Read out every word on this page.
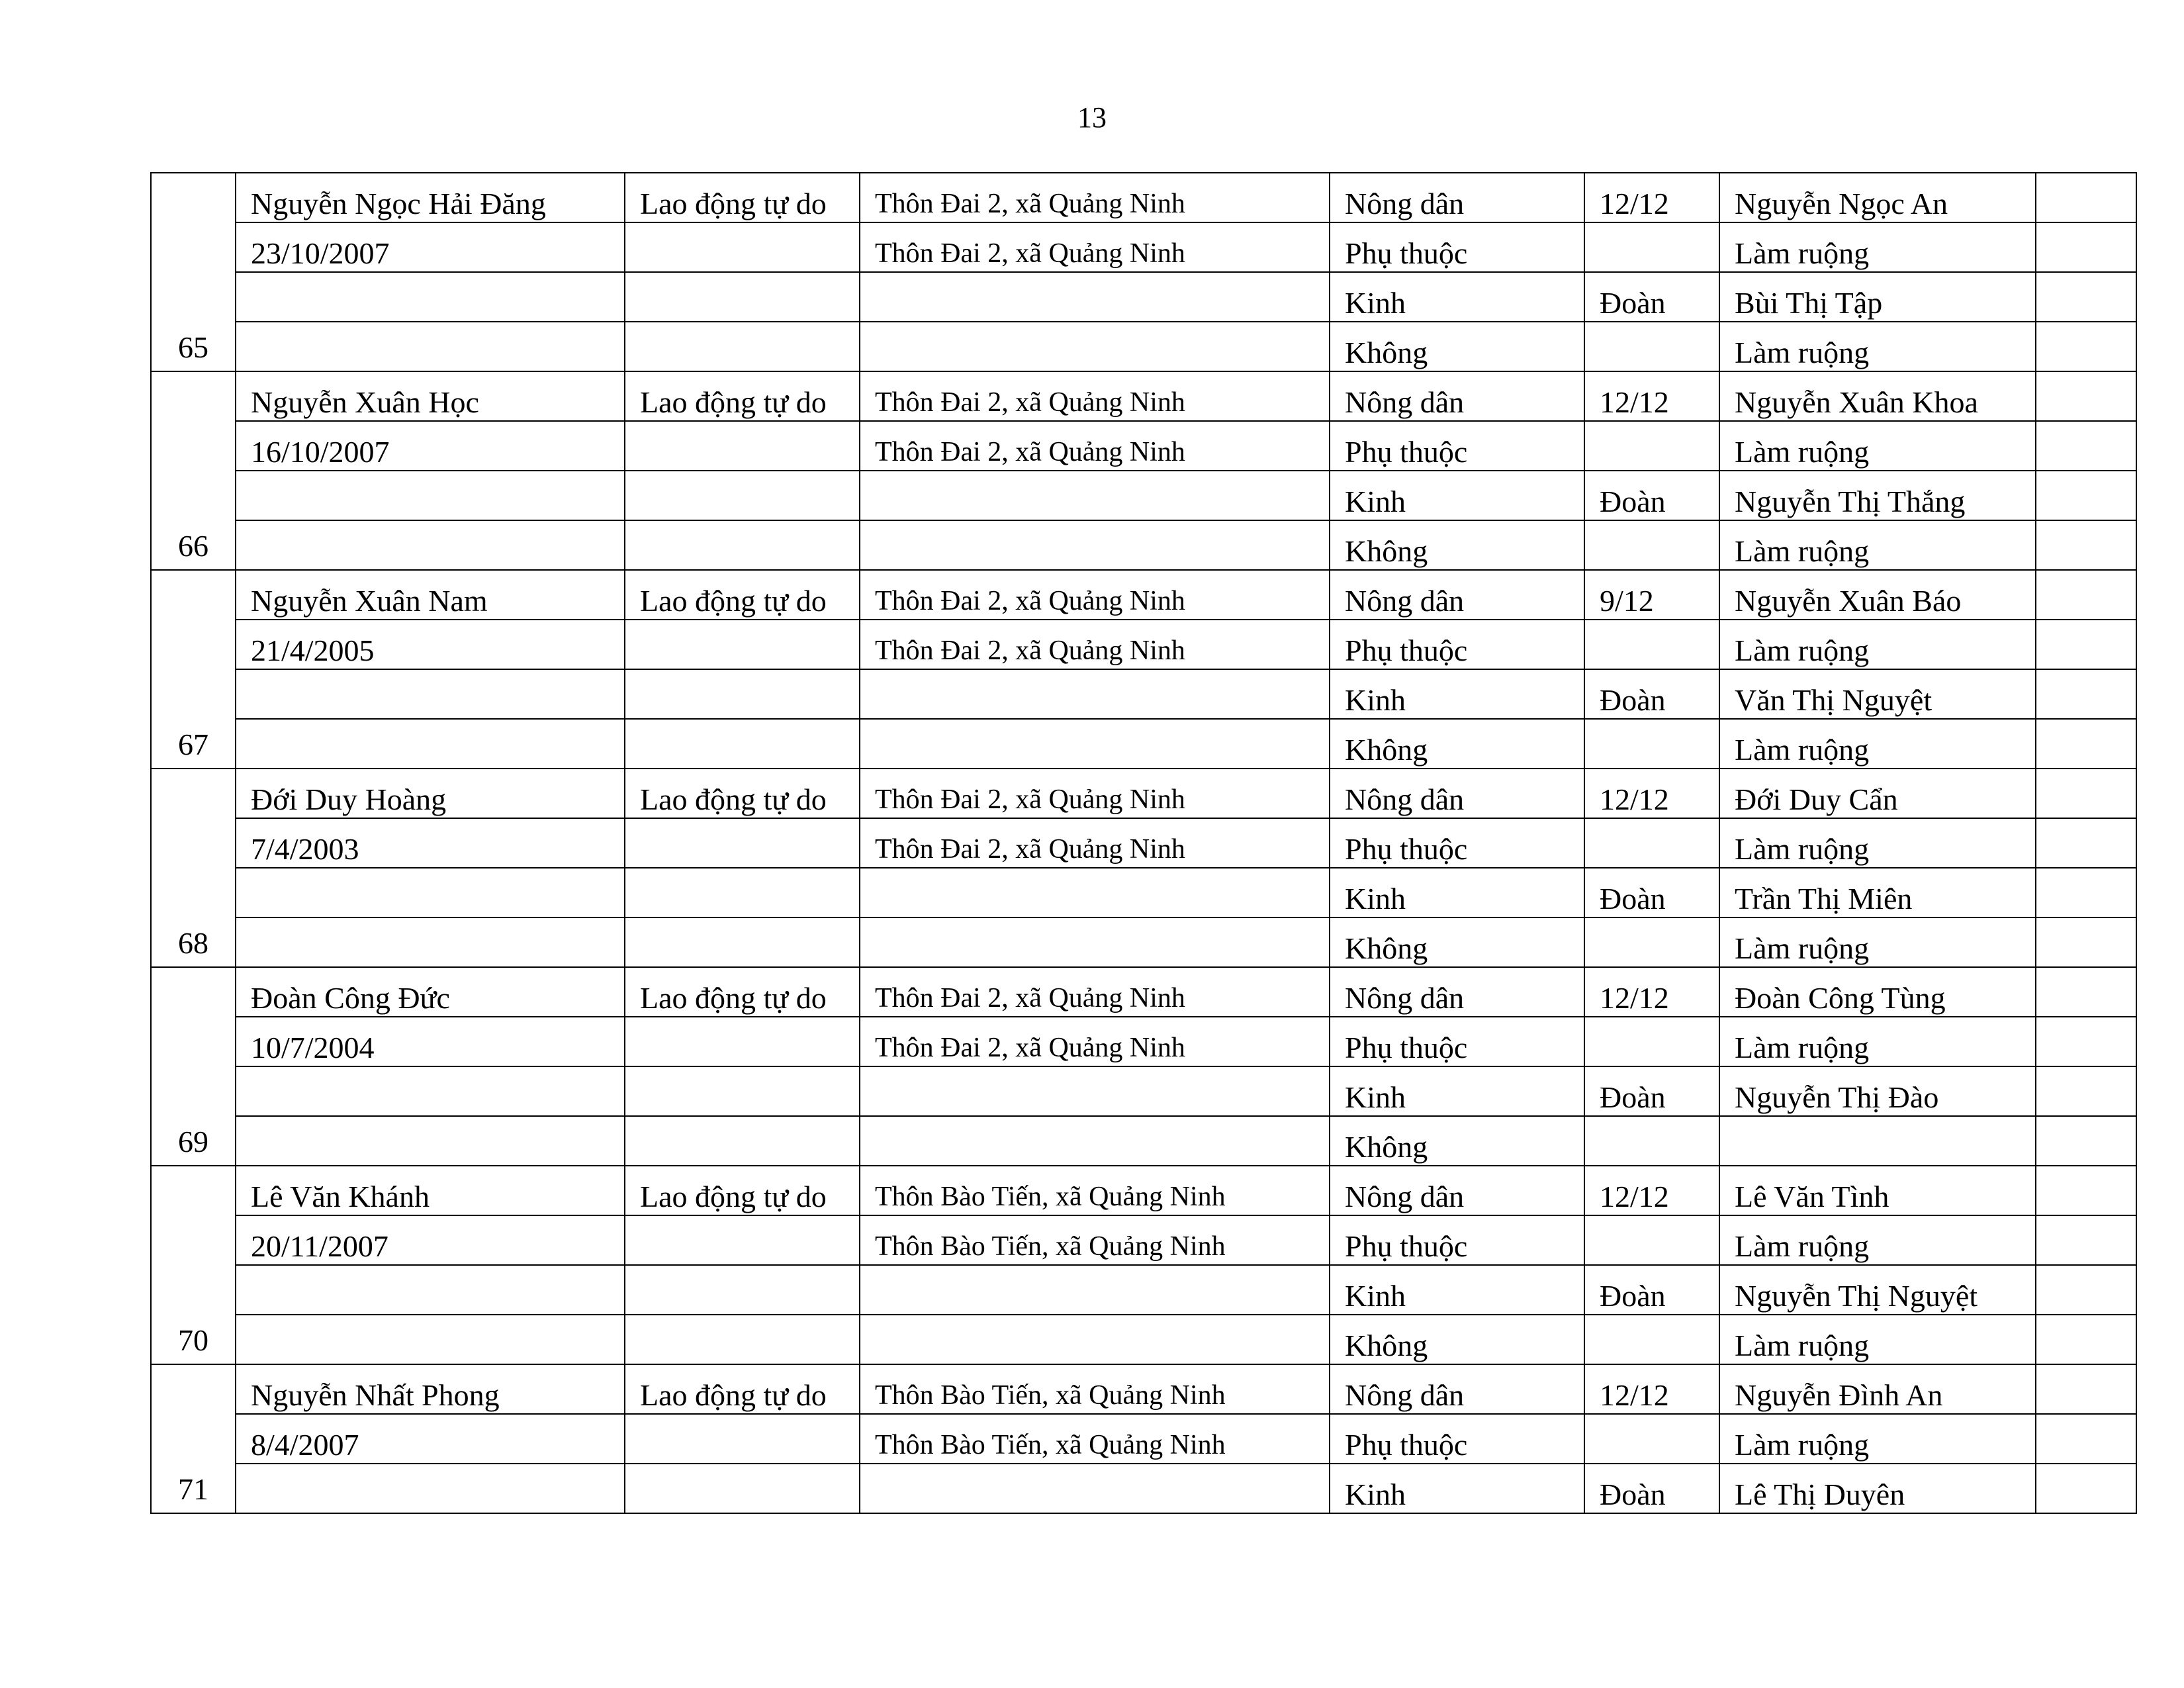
13
65	Nguyễn Ngọc Hải Đăng	Lao động tự do	Thôn Đai 2, xã Quảng Ninh	Nông dân	12/12	Nguyễn Ngọc An	
	23/10/2007		Thôn Đai 2, xã Quảng Ninh	Phụ thuộc		Làm ruộng	
				Kinh	Đoàn	Bùi Thị Tập	
				Không		Làm ruộng	
66	Nguyễn Xuân Học	Lao động tự do	Thôn Đai 2, xã Quảng Ninh	Nông dân	12/12	Nguyễn Xuân Khoa	
	16/10/2007		Thôn Đai 2, xã Quảng Ninh	Phụ thuộc		Làm ruộng	
				Kinh	Đoàn	Nguyễn Thị Thắng	
				Không		Làm ruộng	
67	Nguyễn Xuân Nam	Lao động tự do	Thôn Đai 2, xã Quảng Ninh	Nông dân	9/12	Nguyễn Xuân Báo	
	21/4/2005		Thôn Đai 2, xã Quảng Ninh	Phụ thuộc		Làm ruộng	
				Kinh	Đoàn	Văn Thị Nguyệt	
				Không		Làm ruộng	
68	Đới Duy Hoàng	Lao động tự do	Thôn Đai 2, xã Quảng Ninh	Nông dân	12/12	Đới Duy Cẩn	
	7/4/2003		Thôn Đai 2, xã Quảng Ninh	Phụ thuộc		Làm ruộng	
				Kinh	Đoàn	Trần Thị Miên	
				Không		Làm ruộng	
69	Đoàn Công Đức	Lao động tự do	Thôn Đai 2, xã Quảng Ninh	Nông dân	12/12	Đoàn Công Tùng	
	10/7/2004		Thôn Đai 2, xã Quảng Ninh	Phụ thuộc		Làm ruộng	
				Kinh	Đoàn	Nguyễn Thị Đào	
				Không			
70	Lê Văn Khánh	Lao động tự do	Thôn Bào Tiến, xã Quảng Ninh	Nông dân	12/12	Lê Văn Tình	
	20/11/2007		Thôn Bào Tiến, xã Quảng Ninh	Phụ thuộc		Làm ruộng	
				Kinh	Đoàn	Nguyễn Thị Nguyệt	
				Không		Làm ruộng	
71	Nguyễn Nhất Phong	Lao động tự do	Thôn Bào Tiến, xã Quảng Ninh	Nông dân	12/12	Nguyễn Đình An	
	8/4/2007		Thôn Bào Tiến, xã Quảng Ninh	Phụ thuộc		Làm ruộng	
				Kinh	Đoàn	Lê Thị Duyên	
